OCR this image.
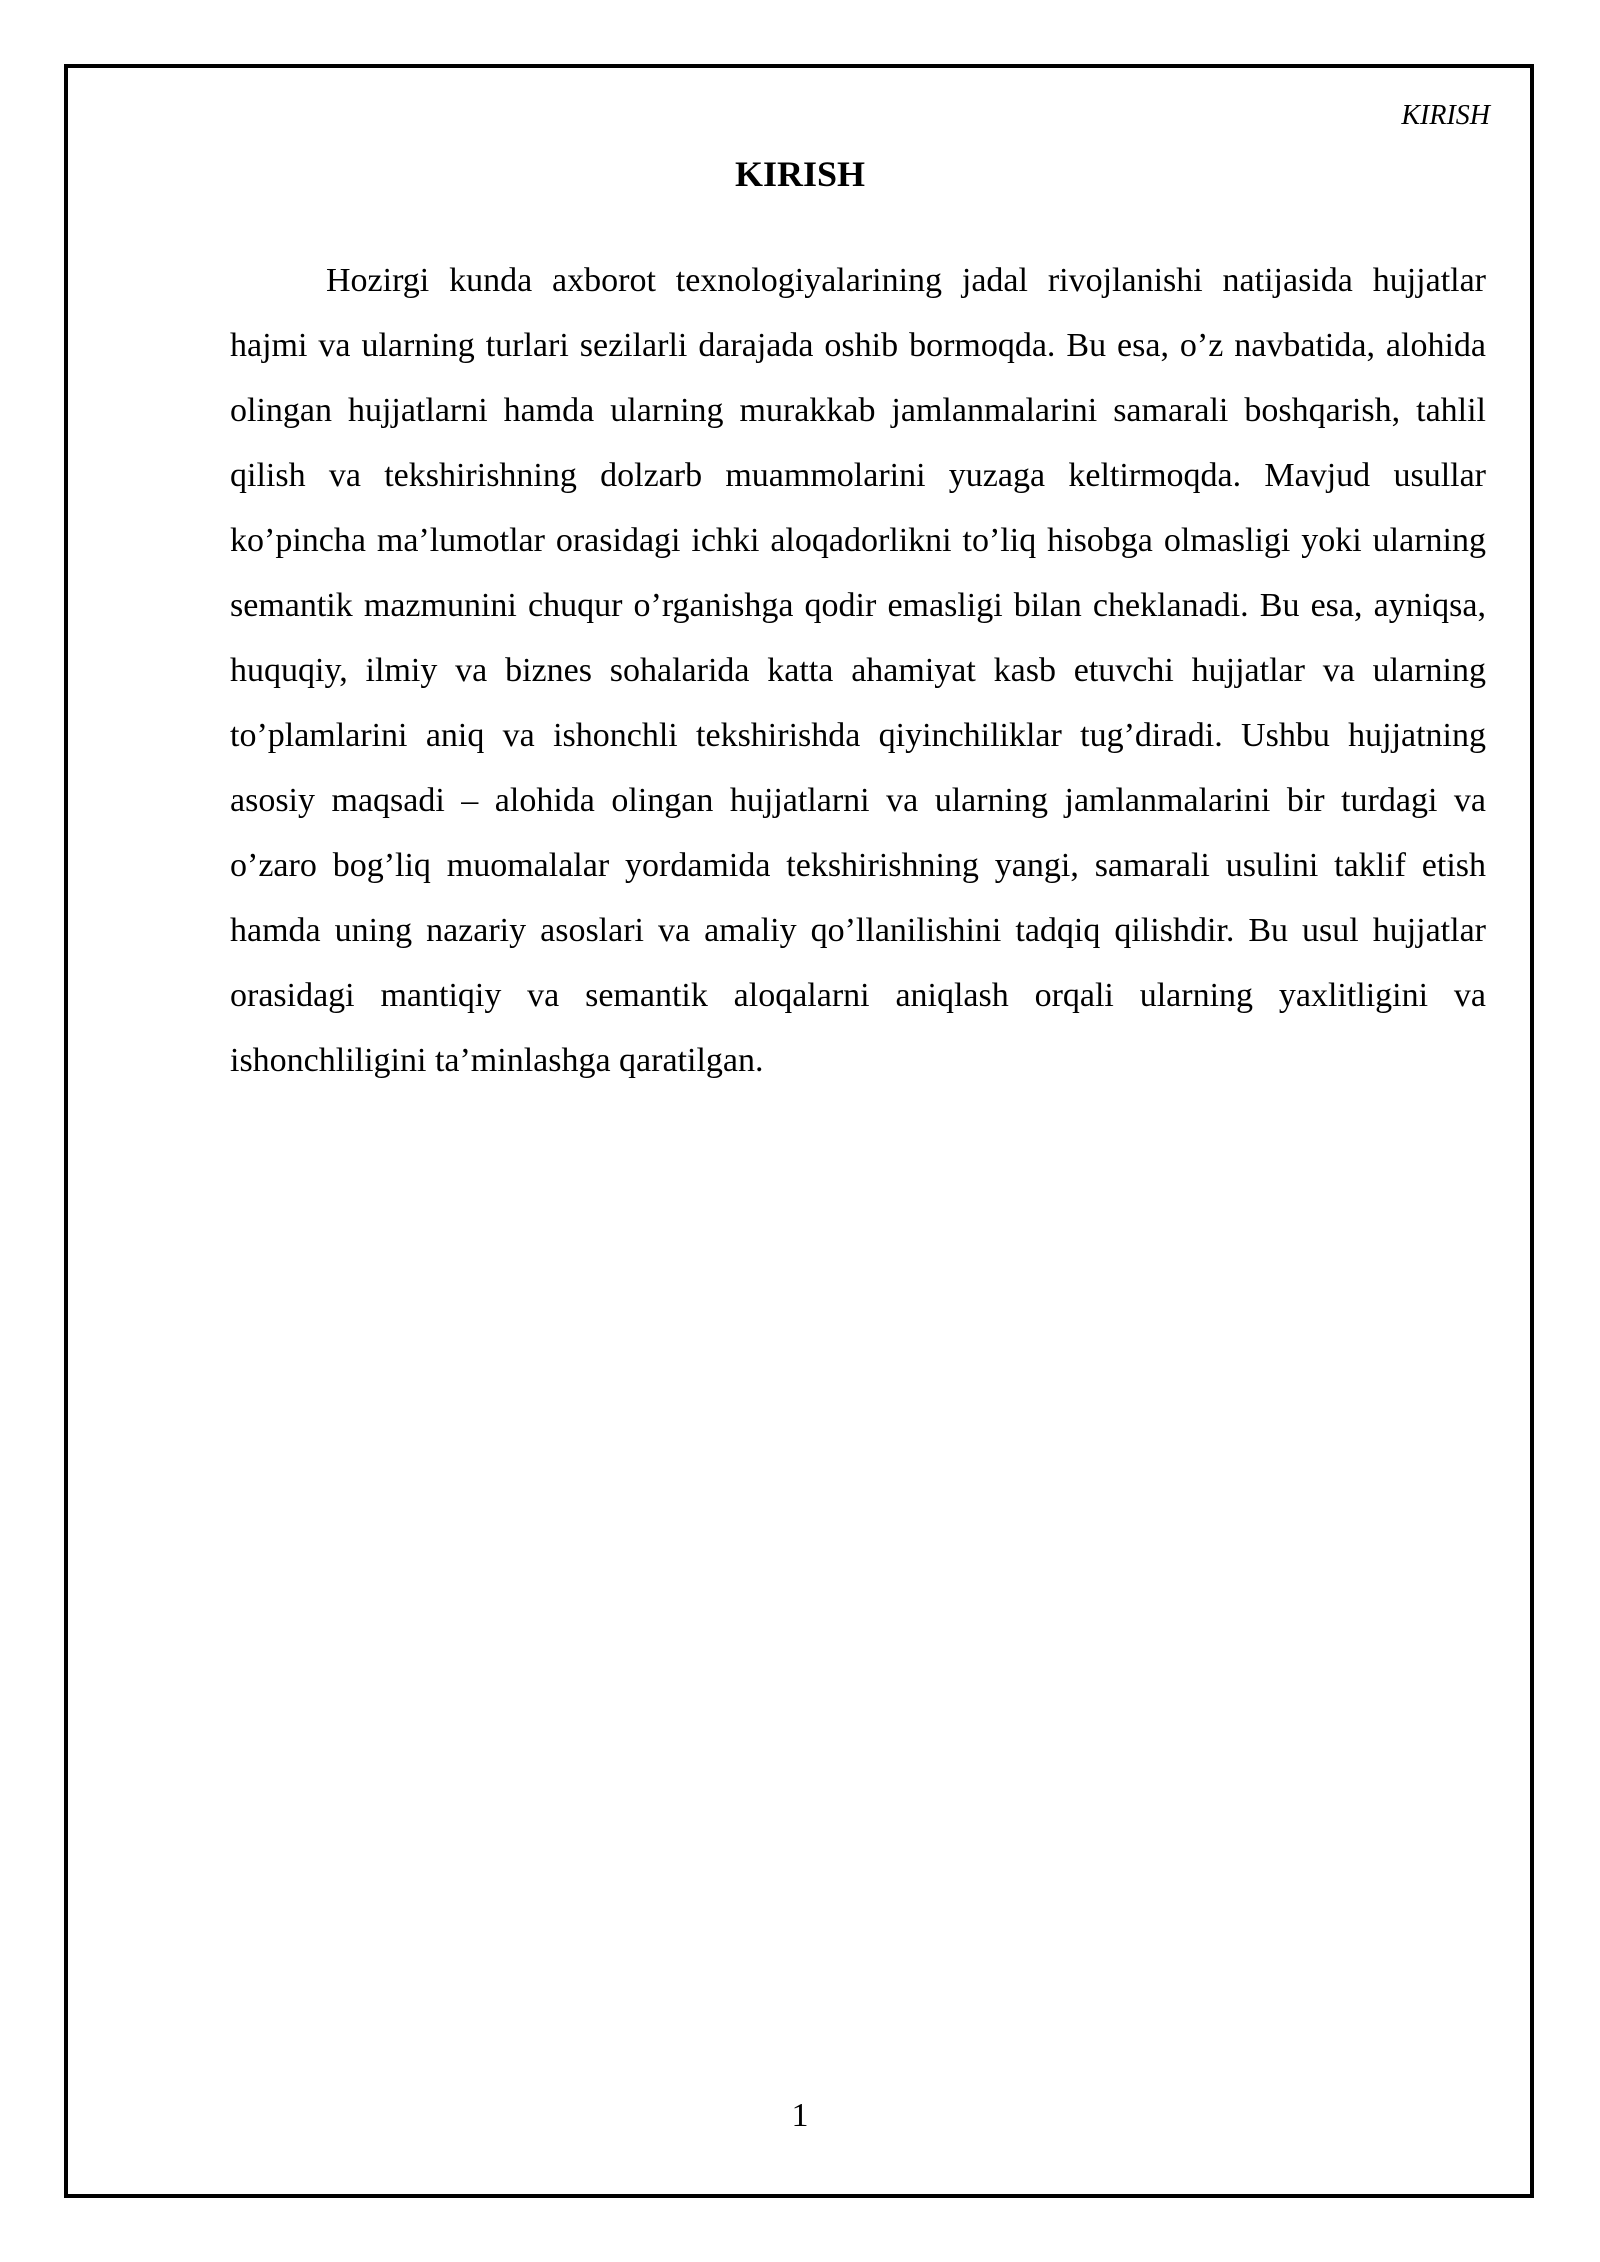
KIRISH
KIRISH

Hozirgi kunda axborot texnologiyalarining jadal rivojlanishi natijasida hujjatlar hajmi va ularning turlari sezilarli darajada oshib bormoqda. Bu esa, o’z navbatida, alohida olingan hujjatlarni hamda ularning murakkab jamlanmalarini samarali boshqarish, tahlil qilish va tekshirishning dolzarb muammolarini yuzaga keltirmoqda. Mavjud usullar ko’pincha ma’lumotlar orasidagi ichki aloqadorlikni to’liq hisobga olmasligi yoki ularning semantik mazmunini chuqur o’rganishga qodir emasligi bilan cheklanadi. Bu esa, ayniqsa, huquqiy, ilmiy va biznes sohalarida katta ahamiyat kasb etuvchi hujjatlar va ularning to’plamlarini aniq va ishonchli tekshirishda qiyinchiliklar tug’diradi. Ushbu hujjatning asosiy maqsadi – alohida olingan hujjatlarni va ularning jamlanmalarini bir turdagi va o’zaro bog’liq muomalalar yordamida tekshirishning yangi, samarali usulini taklif etish hamda uning nazariy asoslari va amaliy qo’llanilishini tadqiq qilishdir. Bu usul hujjatlar orasidagi mantiqiy va semantik aloqalarni aniqlash orqali ularning yaxlitligini va ishonchliligini ta’minlashga qaratilgan.

1
